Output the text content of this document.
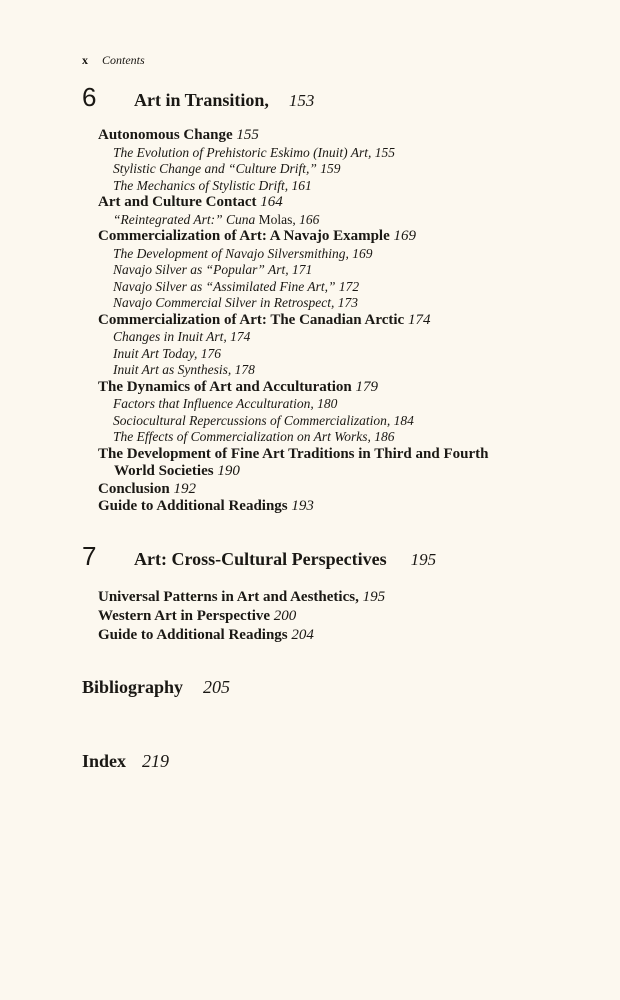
x Contents
6	Art in Transition, 153
Autonomous Change 155
The Evolution of Prehistoric Eskimo (Inuit) Art, 155
Stylistic Change and “Culture Drift,” 159
The Mechanics of Stylistic Drift, 161
Art and Culture Contact 164
“Reintegrated Art:” Cuna Molas, 166
Commercialization of Art: A Navajo Example 169
The Development of Navajo Silversmithing, 169
Navajo Silver as “Popular” Art, 171
Navajo Silver as “Assimilated Fine Art,” 172
Navajo Commercial Silver in Retrospect, 173
Commercialization of Art: The Canadian Arctic 174
Changes in Inuit Art, 174
Inuit Art Today, 176
Inuit Art as Synthesis, 178
The Dynamics of Art and Acculturation 179
Factors that Influence Acculturation, 180
Sociocultural Repercussions of Commercialization, 184
The Effects of Commercialization on Art Works, 186
The Development of Fine Art Traditions in Third and Fourth
World Societies 190
Conclusion 192
Guide to Additional Readings 193
7	Art: Cross-Cultural Perspectives 195
Universal Patterns in Art and Aesthetics, 195
Western Art in Perspective 200
Guide to Additional Readings 204
Bibliography 205
Index 219
